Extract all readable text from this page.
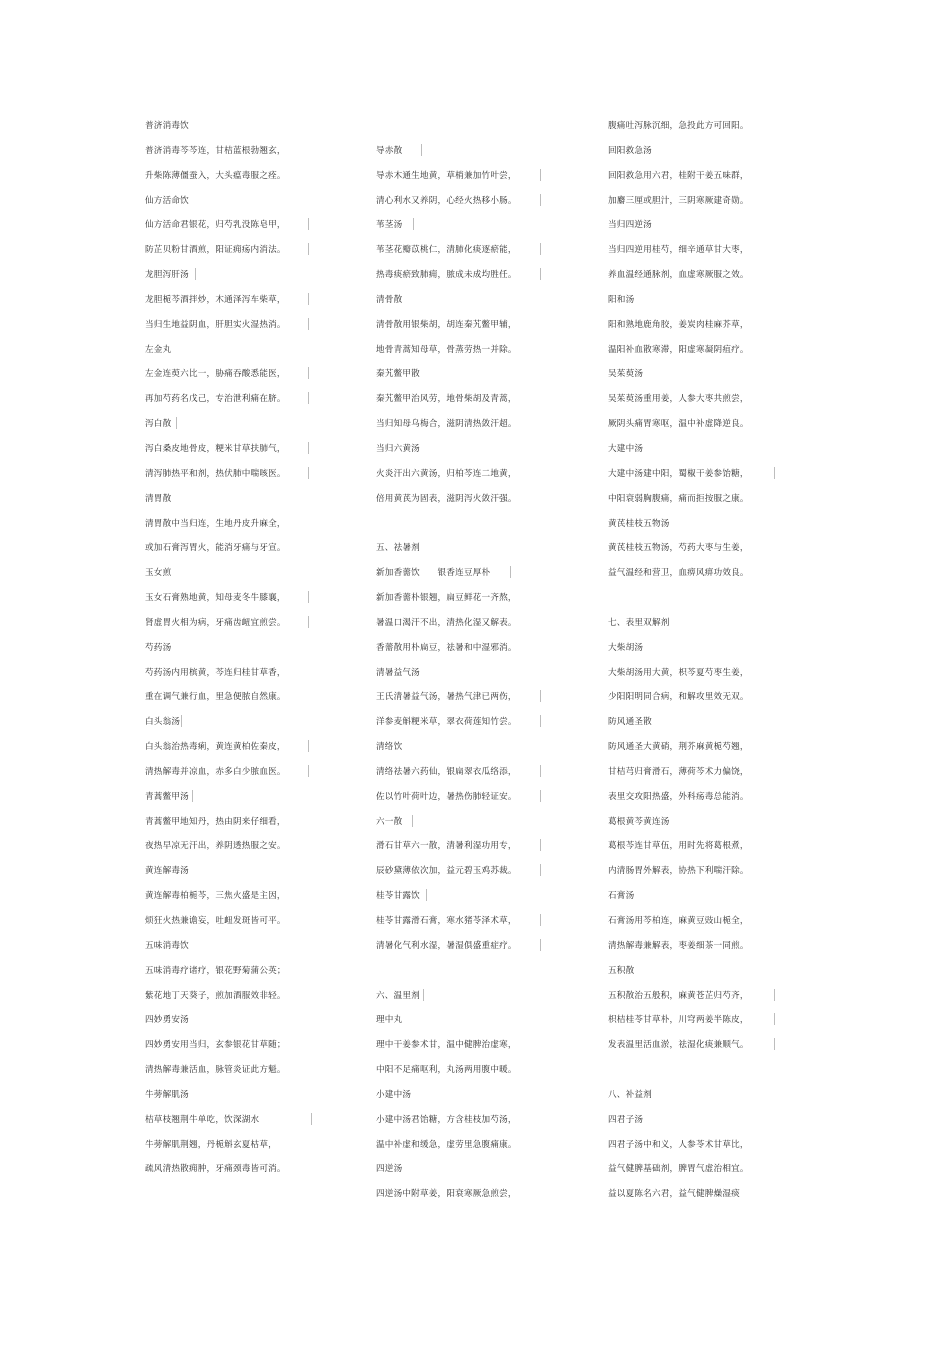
普济消毒饮
普济消毒芩芩连，甘桔蓝根勃翘玄，
升柴陈薄僵蚕入，大头瘟毒服之痊。
仙方活命饮
仙方活命君银花，归芍乳没陈皂甲，
防芷贝粉甘酒煎，阳证痈疡内消法。
龙胆泻肝汤
龙胆栀芩酒拌炒，木通泽泻车柴草，
当归生地益阴血，肝胆实火湿热消。
左金丸
左金连萸六比一，胁痛吞酸悉能医，
再加芍药名戊己，专治泄利痛在脐。
泻白散
泻白桑皮地骨皮，粳米甘草扶肺气，
清泻肺热平和剂，热伏肺中喘咳医。
清胃散
清胃散中当归连，生地丹皮升麻全，
或加石膏泻胃火，能消牙痛与牙宣。
玉女煎
玉女石膏熟地黄，知母麦冬牛膝襄，
肾虚胃火相为病，牙痛齿衄宜煎尝。
芍药汤
芍药汤内用槟黄，芩连归桂甘草香，
重在调气兼行血，里急便脓自然康。
白头翁汤
白头翁治热毒痢，黄连黄柏佐秦皮，
清热解毒并凉血，赤多白少脓血医。
青蒿鳖甲汤
青蒿鳖甲地知丹，热由阴来仔细看，
夜热早凉无汗出，养阴透热服之安。
黄连解毒汤
黄连解毒柏栀芩，三焦火盛是主因，
烦狂火热兼谵妄，吐衄发斑皆可平。
五味消毒饮
五味消毒疗诸疗，银花野菊蒲公英；
紫花地丁天葵子，煎加酒服效非轻。
四妙勇安汤
四妙勇安用当归，玄参银花甘草随；
清热解毒兼活血，脉管炎证此方魁。
牛蒡解肌汤
桔草枝翘荆牛单吃，饮深湖水
牛蒡解肌荆翘，丹栀斛玄夏枯草，
疏风清热散痈肿，牙痛颈毒皆可消。
导赤散
导赤木通生地黄，草梢兼加竹叶尝，
清心利水又养阴，心经火热移小肠。
苇茎汤
苇茎花瓣苡桃仁，清肺化痰逐瘀能，
热毒痰瘀致肺痈，脓成未成均胜任。
清骨散
清骨散用银柴胡，胡连秦艽鳖甲辅，
地骨青蒿知母草，骨蒸劳热一并除。
秦艽鳖甲散
秦艽鳖甲治风劳，地骨柴胡及青蒿，
当归知母乌梅合，滋阴清热敛汗超。
当归六黄汤
火炎汗出六黄汤，归柏芩连二地黄，
倍用黄芪为固表，滋阴泻火敛汗强。
五、祛暑剂
新加香薷饮　　银香连豆厚朴
新加香薷朴银翘，扁豆鲜花一齐熬，
暑温口渴汗不出，清热化湿又解表。
香薷散用朴扁豆，祛暑和中湿邪消。
清暑益气汤
王氏清暑益气汤，暑热气津已两伤，
洋参麦斛粳米草，翠衣荷莲知竹尝。
清络饮
清络祛暑六药仙，银扁翠衣瓜络添，
佐以竹叶荷叶边，暑热伤肺轻证安。
六一散
滑石甘草六一散，清暑利湿功用专，
辰砂黛薄依次加，益元碧玉鸡苏裁。
桂苓甘露饮
桂苓甘露滑石膏，寒水猪苓泽术草，
清暑化气利水湿，暑湿俱盛重症疗。
六、温里剂
理中丸
理中干姜参术甘，温中健脾治虚寒，
中阳不足痛呕利，丸汤两用腹中暖。
小建中汤
小建中汤君饴糖，方含桂枝加芍汤，
温中补虚和缓急，虚劳里急腹痛康。
四逆汤
四逆汤中附草姜，阳衰寒厥急煎尝，
腹痛吐泻脉沉细，急投此方可回阳。
回阳救急汤
回阳救急用六君，桂附干姜五味群，
加麝三厘或胆汁，三阴寒厥建奇勋。
当归四逆汤
当归四逆用桂芍，细辛通草甘大枣，
养血温经通脉剂，血虚寒厥服之效。
阳和汤
阳和熟地鹿角胶，姜炭肉桂麻芥草，
温阳补血散寒滞，阳虚寒凝阴疽疗。
吴茱萸汤
吴茱萸汤重用姜，人参大枣共煎尝，
厥阴头痛胃寒呕，温中补虚降逆良。
大建中汤
大建中汤建中阳，蜀椒干姜参饴糖，
中阳衰弱胸腹痛，痛而拒按服之康。
黄芪桂枝五物汤
黄芪桂枝五物汤，芍药大枣与生姜，
益气温经和营卫，血痹风痹功效良。
七、表里双解剂
大柴胡汤
大柴胡汤用大黄，枳芩夏芍枣生姜，
少阳阳明同合病，和解攻里效无双。
防风通圣散
防风通圣大黄硝，荆芥麻黄栀芍翘，
甘桔芎归膏滑石，薄荷芩术力偏饶，
表里交攻阳热盛，外科疡毒总能消。
葛根黄芩黄连汤
葛根芩连甘草伍，用时先将葛根煮，
内清肠胃外解表，协热下利喘汗除。
石膏汤
石膏汤用芩柏连，麻黄豆豉山栀全，
清热解毒兼解表，枣姜细茶一同煎。
五积散
五积散治五般积，麻黄苍芷归芍齐，
枳桔桂苓甘草朴，川穹两姜半陈皮，
发表温里活血淤，祛湿化痰兼顺气。
八、补益剂
四君子汤
四君子汤中和义，人参苓术甘草比，
益气健脾基础剂，脾胃气虚治相宜。
益以夏陈名六君，益气健脾燥湿痰
